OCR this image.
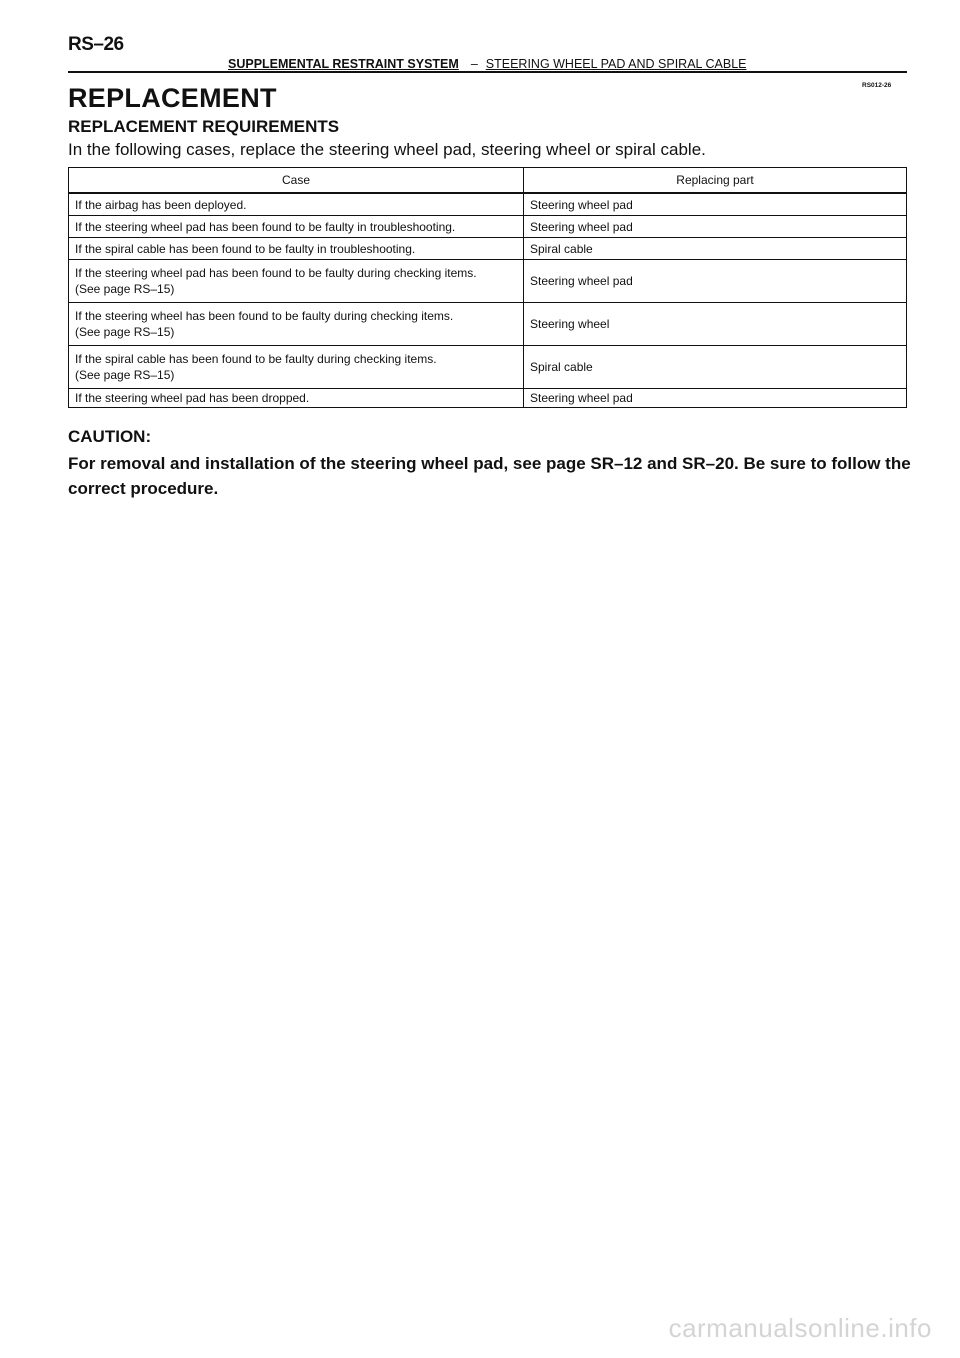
RS–26
SUPPLEMENTAL RESTRAINT SYSTEM – STEERING WHEEL PAD AND SPIRAL CABLE
RS012-26
REPLACEMENT
REPLACEMENT REQUIREMENTS
In the following cases, replace the steering wheel pad, steering wheel or spiral cable.
Case	Replacing part

If the airbag has been deployed.	Steering wheel pad

If the steering wheel pad has been found to be faulty in troubleshooting.	Steering wheel pad

If the spiral cable has been found to be faulty in troubleshooting.	Spiral cable

If the steering wheel pad has been found to be faulty during checking items.
(See page RS–15)	Steering wheel pad

If the steering wheel has been found to be faulty during checking items.
(See page RS–15)	Steering wheel

If the spiral cable has been found to be faulty during checking items.
(See page RS–15)	Spiral cable

If the steering wheel pad has been dropped.	Steering wheel pad
CAUTION:
For removal and installation of the steering wheel pad, see page SR–12 and SR–20. Be sure to follow the correct procedure.
carmanualsonline.info
